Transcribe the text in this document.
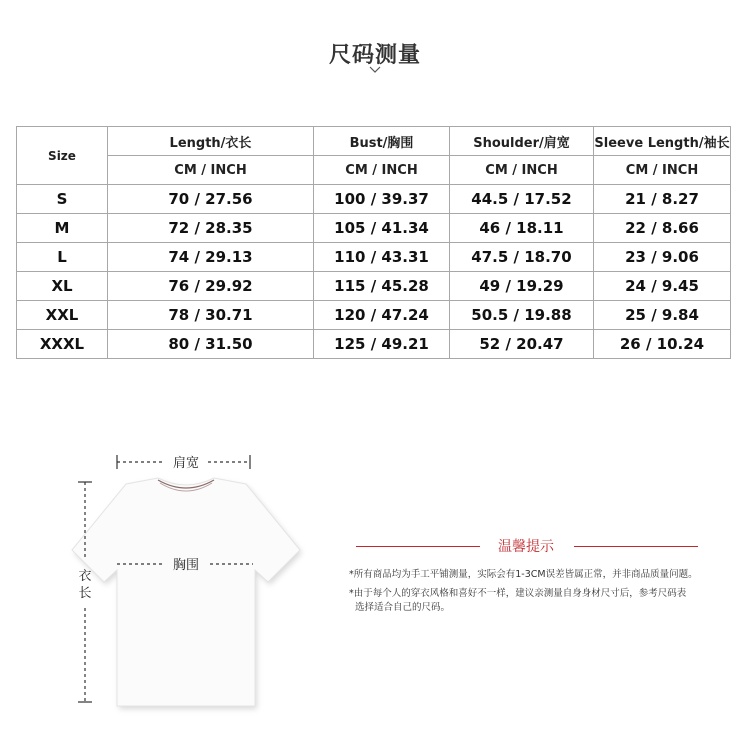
尺码测量
Size	Length/衣长	Bust/胸围	Shoulder/肩宽	Sleeve Length/袖长
	CM / INCH	CM / INCH	CM / INCH	CM / INCH
S	70 / 27.56	100 / 39.37	44.5 / 17.52	21 / 8.27
M	72 / 28.35	105 / 41.34	46 / 18.11	22 / 8.66
L	74 / 29.13	110 / 43.31	47.5 / 18.70	23 / 9.06
XL	76 / 29.92	115 / 45.28	49 / 19.29	24 / 9.45
XXL	78 / 30.71	120 / 47.24	50.5 / 19.88	25 / 9.84
XXXL	80 / 31.50	125 / 49.21	52 / 20.47	26 / 10.24
肩宽
胸围
衣
长
温馨提示
*所有商品均为手工平铺测量，实际会有1-3CM误差皆属正常，并非商品质量问题。
*由于每个人的穿衣风格和喜好不一样，建议亲测量自身身材尺寸后，参考尺码表
选择适合自己的尺码。
